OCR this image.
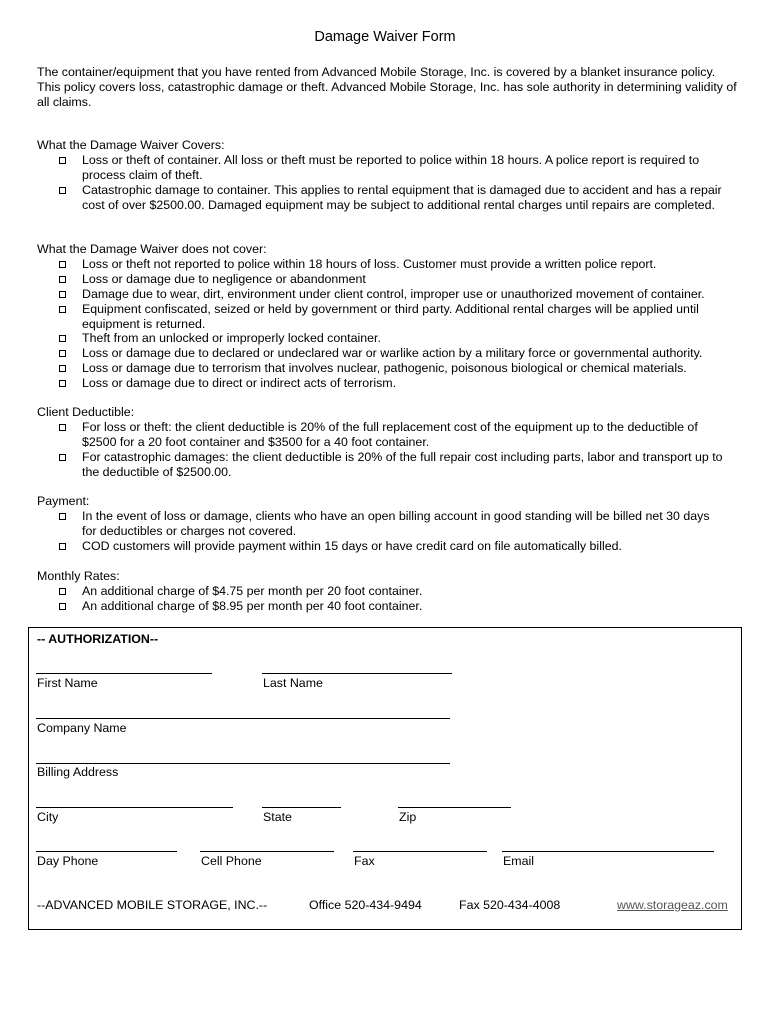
Damage Waiver Form
The container/equipment that you have rented from Advanced Mobile Storage, Inc. is covered by a blanket insurance policy. This policy covers loss, catastrophic damage or theft. Advanced Mobile Storage, Inc. has sole authority in determining validity of all claims.
What the Damage Waiver Covers:
Loss or theft of container. All loss or theft must be reported to police within 18 hours. A police report is required to process claim of theft.
Catastrophic damage to container. This applies to rental equipment that is damaged due to accident and has a repair cost of over $2500.00. Damaged equipment may be subject to additional rental charges until repairs are completed.
What the Damage Waiver does not cover:
Loss or theft not reported to police within 18 hours of loss. Customer must provide a written police report.
Loss or damage due to negligence or abandonment
Damage due to wear, dirt, environment under client control, improper use or unauthorized movement of container.
Equipment confiscated, seized or held by government or third party. Additional rental charges will be applied until equipment is returned.
Theft from an unlocked or improperly locked container.
Loss or damage due to declared or undeclared war or warlike action by a military force or governmental authority.
Loss or damage due to terrorism that involves nuclear, pathogenic, poisonous biological or chemical materials.
Loss or damage due to direct or indirect acts of terrorism.
Client Deductible:
For loss or theft: the client deductible is 20% of the full replacement cost of the equipment up to the deductible of $2500 for a 20 foot container and $3500 for a 40 foot container.
For catastrophic damages: the client deductible is 20% of the full repair cost including parts, labor and transport up to the deductible of $2500.00.
Payment:
In the event of loss or damage, clients who have an open billing account in good standing will be billed net 30 days for deductibles or charges not covered.
COD customers will provide payment within 15 days or have credit card on file automatically billed.
Monthly Rates:
An additional charge of $4.75 per month per 20 foot container.
An additional charge of $8.95 per month per 40 foot container.
-- AUTHORIZATION--
First Name	Last Name
Company Name
Billing Address
City	State	Zip
Day Phone	Cell Phone	Fax	Email
--ADVANCED MOBILE STORAGE, INC.--	Office 520-434-9494	Fax 520-434-4008	www.storageaz.com
